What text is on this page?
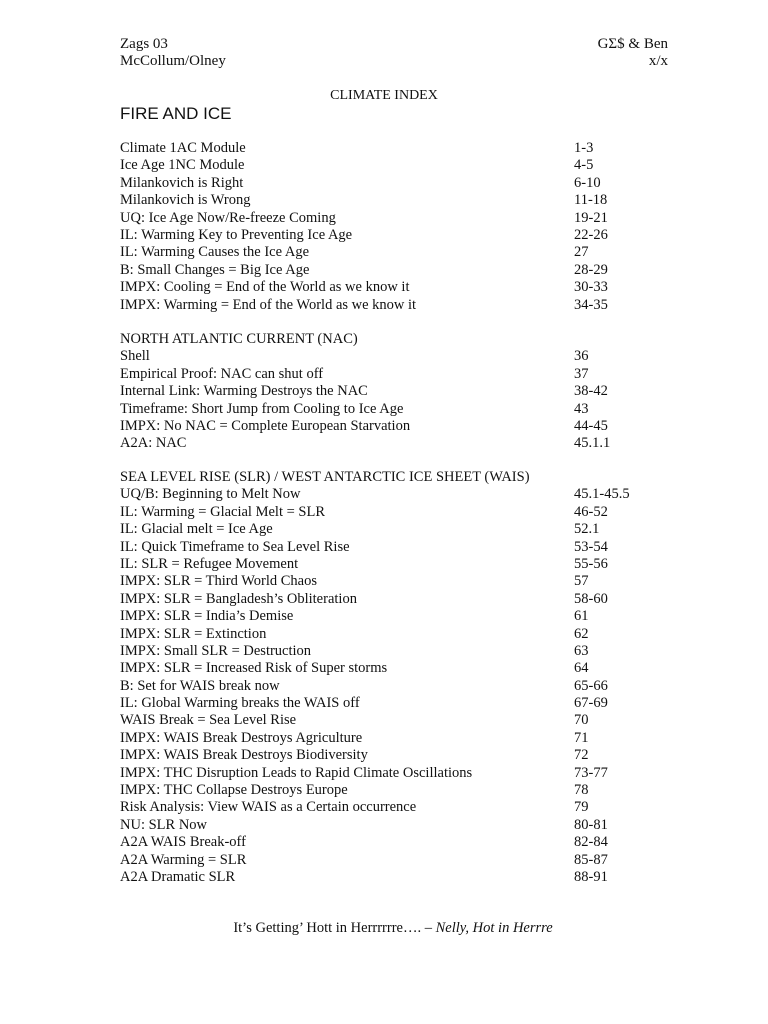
Zags 03
McCollum/Olney
GΣ$ & Ben
x/x
CLIMATE INDEX
FIRE AND ICE
Climate 1AC Module	1-3
Ice Age 1NC Module	4-5
Milankovich is Right	6-10
Milankovich is Wrong	11-18
UQ: Ice Age Now/Re-freeze Coming	19-21
IL: Warming Key to Preventing Ice Age	22-26
IL: Warming Causes the Ice Age	27
B: Small Changes = Big Ice Age	28-29
IMPX: Cooling = End of the World as we know it	30-33
IMPX: Warming = End of the World as we know it	34-35
NORTH ATLANTIC CURRENT (NAC)
Shell	36
Empirical Proof: NAC can shut off	37
Internal Link: Warming Destroys the NAC	38-42
Timeframe: Short Jump from Cooling to Ice Age	43
IMPX: No NAC = Complete European Starvation	44-45
A2A: NAC	45.1.1
SEA LEVEL RISE (SLR) / WEST ANTARCTIC ICE SHEET (WAIS)
UQ/B: Beginning to Melt Now	45.1-45.5
IL: Warming = Glacial Melt = SLR	46-52
IL: Glacial melt = Ice Age	52.1
IL: Quick Timeframe to Sea Level Rise	53-54
IL: SLR = Refugee Movement	55-56
IMPX: SLR = Third World Chaos	57
IMPX: SLR = Bangladesh’s Obliteration	58-60
IMPX: SLR = India’s Demise	61
IMPX: SLR = Extinction	62
IMPX: Small SLR = Destruction	63
IMPX: SLR = Increased Risk of Super storms	64
B: Set for WAIS break now	65-66
IL: Global Warming breaks the WAIS off	67-69
WAIS Break = Sea Level Rise	70
IMPX: WAIS Break Destroys Agriculture	71
IMPX: WAIS Break Destroys Biodiversity	72
IMPX: THC Disruption Leads to Rapid Climate Oscillations	73-77
IMPX: THC Collapse Destroys Europe	78
Risk Analysis: View WAIS as a Certain occurrence	79
NU: SLR Now	80-81
A2A WAIS Break-off	82-84
A2A Warming = SLR	85-87
A2A Dramatic SLR	88-91
It’s Getting’ Hott in Herrrrrre…. – Nelly, Hot in Herrre
